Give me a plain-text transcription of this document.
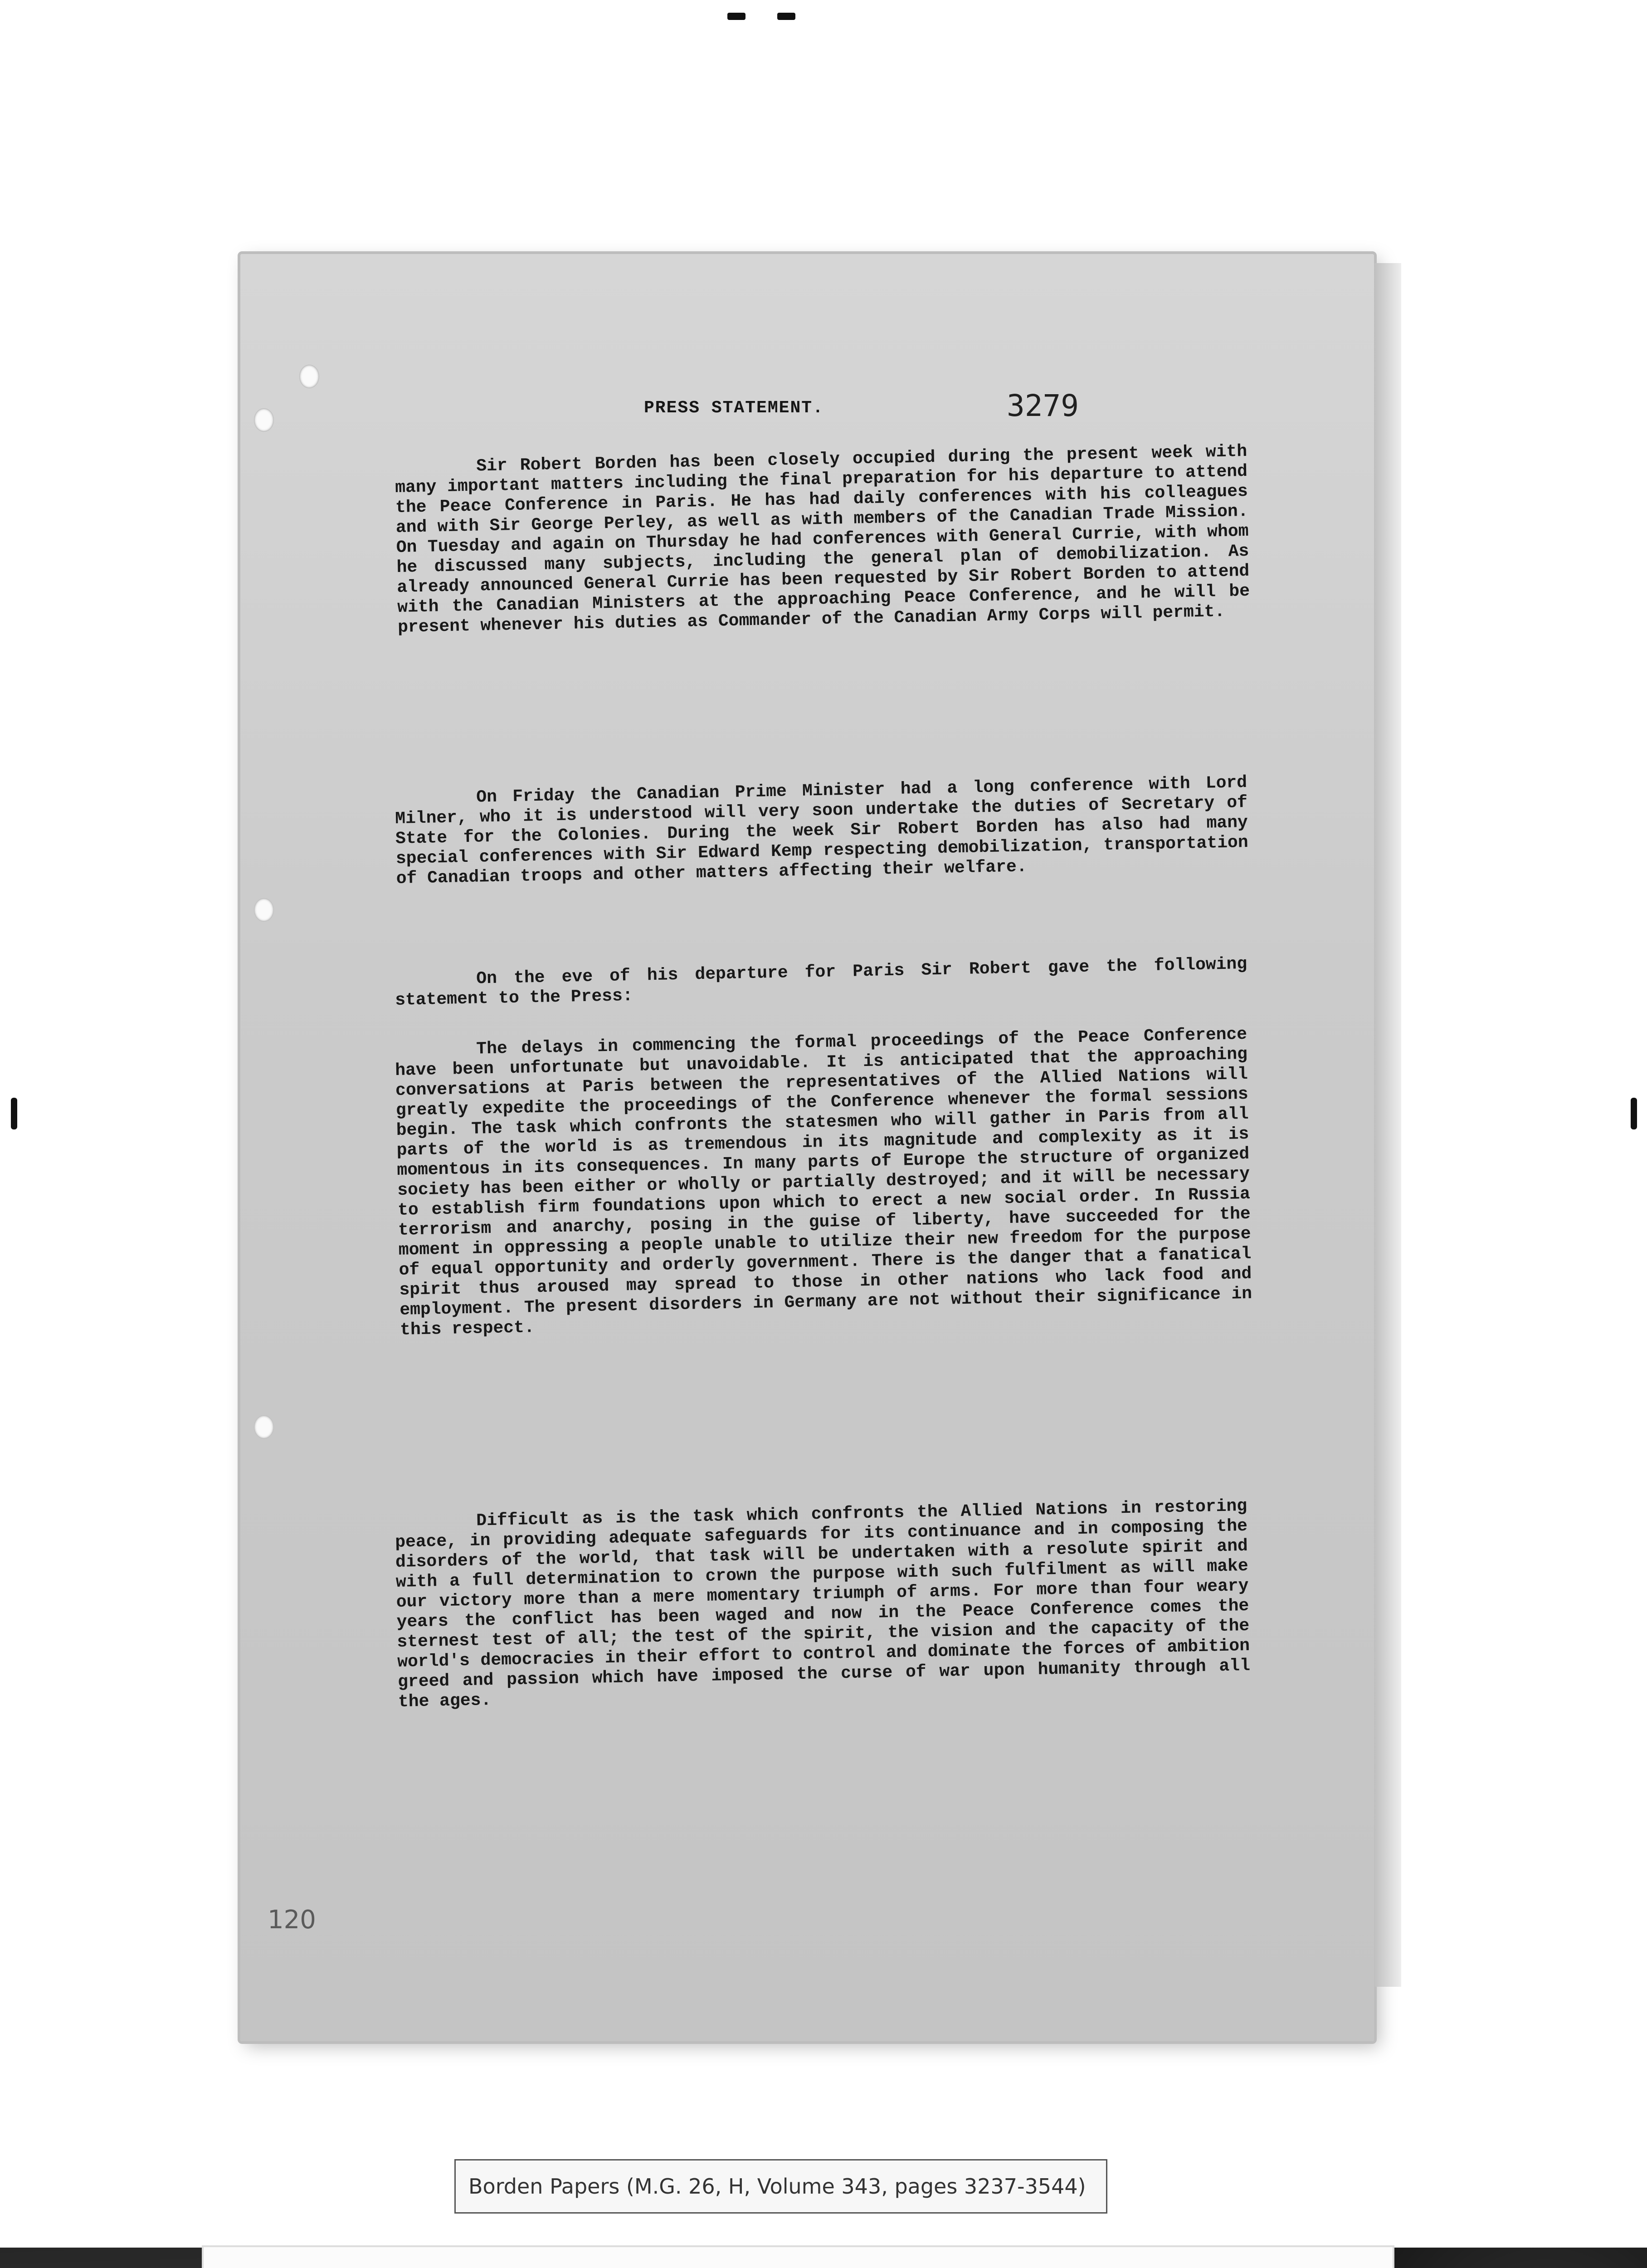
PRESS STATEMENT.	3279

Sir Robert Borden has been closely occupied during the present week with many important matters including the final preparation for his departure to attend the Peace Conference in Paris. He has had daily conferences with his colleagues and with Sir George Perley, as well as with members of the Canadian Trade Mission. On Tuesday and again on Thursday he had conferences with General Currie, with whom he discussed many subjects, including the general plan of demobilization. As already announced General Currie has been requested by Sir Robert Borden to attend with the Canadian Ministers at the approaching Peace Conference, and he will be present whenever his duties as Commander of the Canadian Army Corps will permit.

On Friday the Canadian Prime Minister had a long conference with Lord Milner, who it is understood will very soon undertake the duties of Secretary of State for the Colonies. During the week Sir Robert Borden has also had many special conferences with Sir Edward Kemp respecting demobilization, transportation of Canadian troops and other matters affecting their welfare.

On the eve of his departure for Paris Sir Robert gave the following statement to the Press:

The delays in commencing the formal proceedings of the Peace Conference have been unfortunate but unavoidable. It is anticipated that the approaching conversations at Paris between the representatives of the Allied Nations will greatly expedite the proceedings of the Conference whenever the formal sessions begin. The task which confronts the statesmen who will gather in Paris from all parts of the world is as tremendous in its magnitude and complexity as it is momentous in its consequences. In many parts of Europe the structure of organized society has been either or wholly or partially destroyed; and it will be necessary to establish firm foundations upon which to erect a new social order. In Russia terrorism and anarchy, posing in the guise of liberty, have succeeded for the moment in oppressing a people unable to utilize their new freedom for the purpose of equal opportunity and orderly government. There is the danger that a fanatical spirit thus aroused may spread to those in other nations who lack food and employment. The present disorders in Germany are not without their significance in this respect.

Difficult as is the task which confronts the Allied Nations in restoring peace, in providing adequate safeguards for its continuance and in composing the disorders of the world, that task will be undertaken with a resolute spirit and with a full determination to crown the purpose with such fulfilment as will make our victory more than a mere momentary triumph of arms. For more than four weary years the conflict has been waged and now in the Peace Conference comes the sternest test of all; the test of the spirit, the vision and the capacity of the world's democracies in their effort to control and dominate the forces of ambition greed and passion which have imposed the curse of war upon humanity through all the ages.

120
Borden Papers (M.G. 26, H, Volume 343, pages 3237-3544)
